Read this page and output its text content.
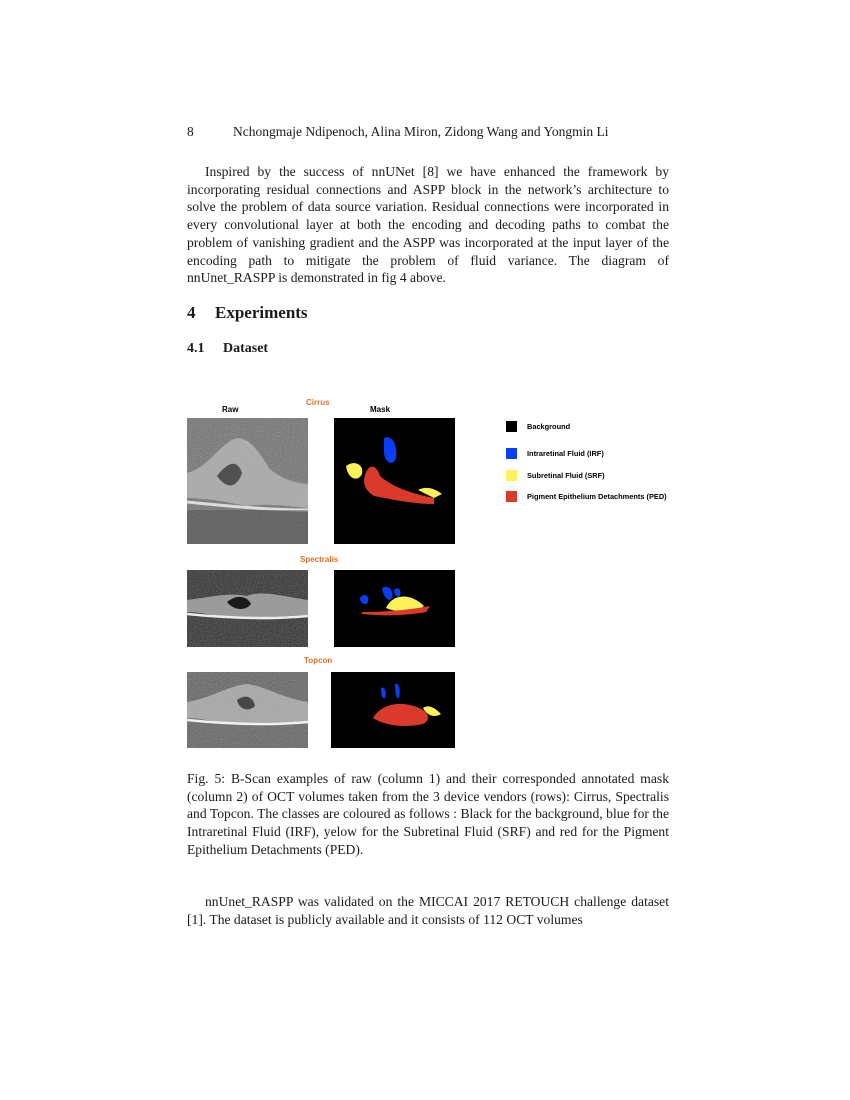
8	Nchongmaje Ndipenoch, Alina Miron, Zidong Wang and Yongmin Li

Inspired by the success of nnUNet [8] we have enhanced the framework by incorporating residual connections and ASPP block in the network’s architecture to solve the problem of data source variation. Residual connections were incorporated in every convolutional layer at both the encoding and decoding paths to combat the problem of vanishing gradient and the ASPP was incorporated at the input layer of the encoding path to mitigate the problem of fluid variance. The diagram of nnUnet_RASPP is demonstrated in fig 4 above.

4 Experiments
4.1 Dataset
Raw	Mask
Cirrus
Spectralis
Topcon
Background
Intraretinal Fluid (IRF)
Subretinal Fluid (SRF)
Pigment Epithelium Detachments (PED)

Fig. 5: B-Scan examples of raw (column 1) and their corresponded annotated mask (column 2) of OCT volumes taken from the 3 device vendors (rows): Cirrus, Spectralis and Topcon. The classes are coloured as follows : Black for the background, blue for the Intraretinal Fluid (IRF), yelow for the Subretinal Fluid (SRF) and red for the Pigment Epithelium Detachments (PED).

nnUnet_RASPP was validated on the MICCAI 2017 RETOUCH challenge dataset [1]. The dataset is publicly available and it consists of 112 OCT volumes
